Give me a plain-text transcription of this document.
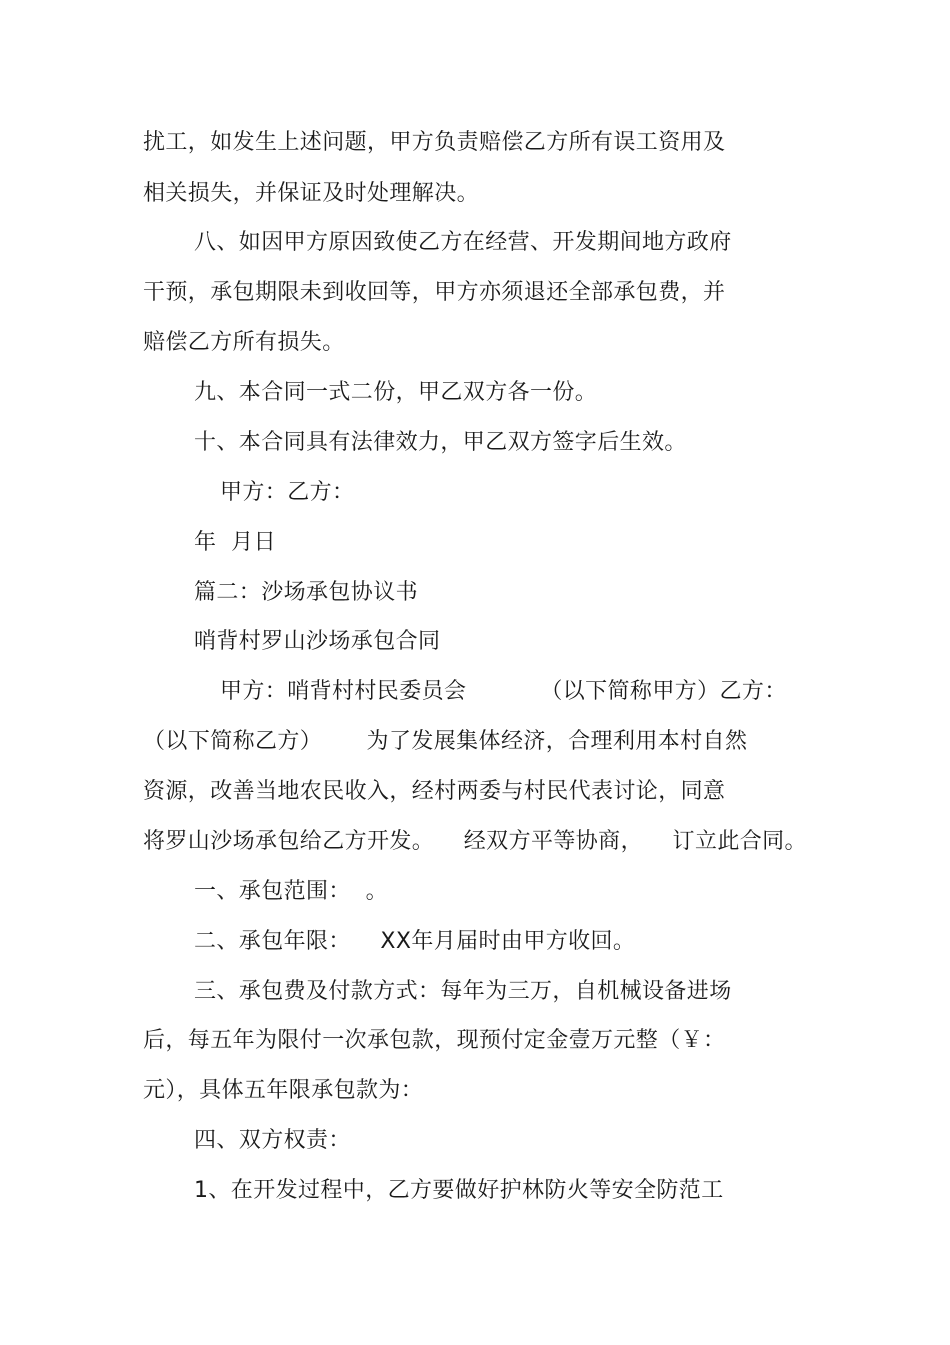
扰工，如发生上述问题，甲方负责赔偿乙方所有误工资用及
相关损失，并保证及时处理解决。
八、如因甲方原因致使乙方在经营、开发期间地方政府
干预，承包期限未到收回等，甲方亦须退还全部承包费，并
赔偿乙方所有损失。
九、本合同一式二份，甲乙双方各一份。
十、本合同具有法律效力，甲乙双方签字后生效。
甲方：乙方：
年  月日
篇二：沙场承包协议书
哨背村罗山沙场承包合同
甲方：哨背村村民委员会          （以下简称甲方）乙方：
（以下简称乙方）      为了发展集体经济，合理利用本村自然
资源，改善当地农民收入，经村两委与村民代表讨论，同意
将罗山沙场承包给乙方开发。    经双方平等协商，    订立此合同。
一、承包范围：  。
二、承包年限：    XX年月届时由甲方收回。
三、承包费及付款方式：每年为三万，自机械设备进场
后，每五年为限付一次承包款，现预付定金壹万元整（￥：
元），具体五年限承包款为：
四、双方权责：
1、在开发过程中，乙方要做好护林防火等安全防范工
